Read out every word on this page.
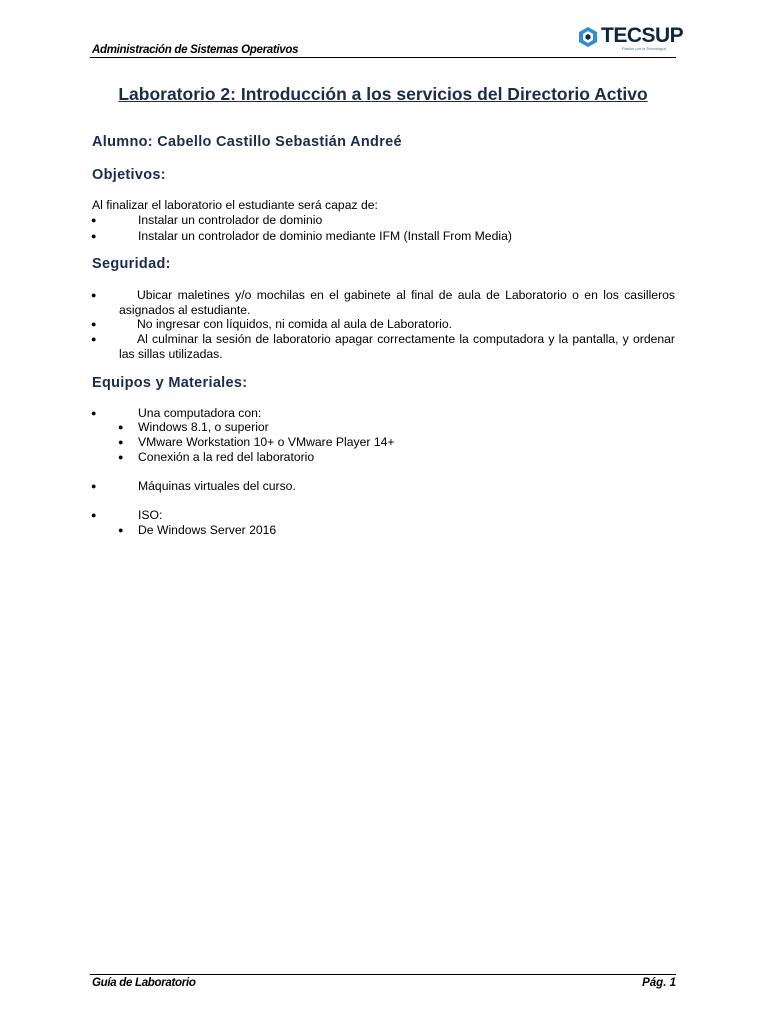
Administración de Sistemas Operativos
TECSUP
Pasión por la Tecnología
Laboratorio 2: Introducción a los servicios del Directorio Activo
Alumno: Cabello Castillo Sebastián Andreé
Objetivos:
Al finalizar el laboratorio el estudiante será capaz de:
●	Instalar un controlador de dominio
●	Instalar un controlador de dominio mediante IFM (Install From Media)
Seguridad:
●	Ubicar maletines y/o mochilas en el gabinete al final de aula de Laboratorio o en los casilleros asignados al estudiante.
●	No ingresar con líquidos, ni comida al aula de Laboratorio.
●	Al culminar la sesión de laboratorio apagar correctamente la computadora y la pantalla, y ordenar las sillas utilizadas.
Equipos y Materiales:
●	Una computadora con:
● Windows 8.1, o superior
● VMware Workstation 10+ o VMware Player 14+
● Conexión a la red del laboratorio
●	Máquinas virtuales del curso.
●	ISO:
● De Windows Server 2016
Guía de Laboratorio	Pág. 1
